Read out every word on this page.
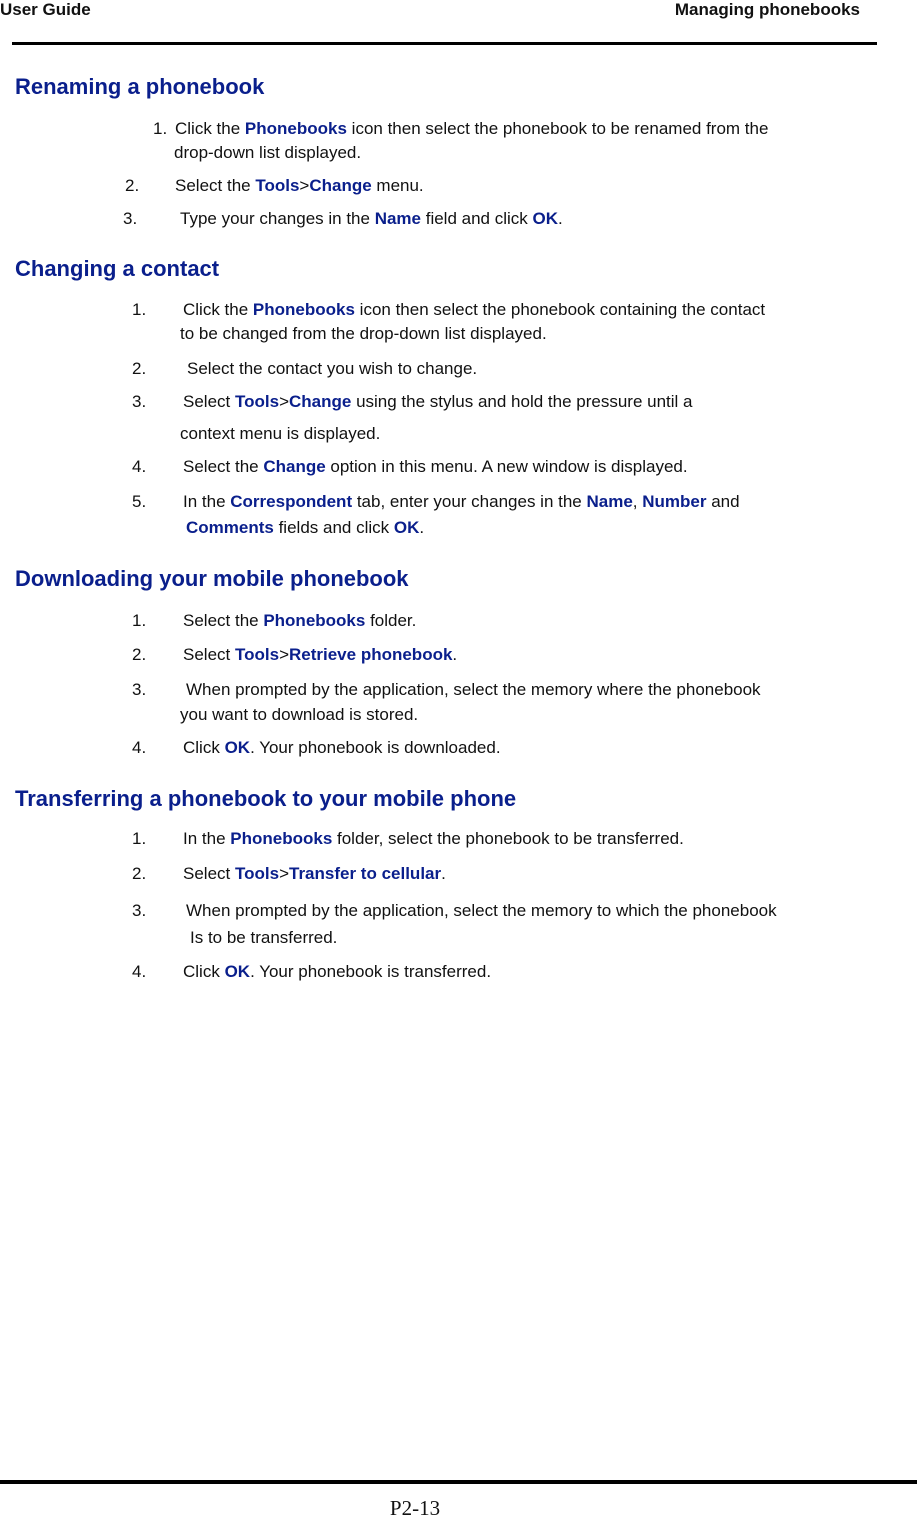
User Guide	Managing phonebooks
Renaming a phonebook
1. Click the Phonebooks icon then select the phonebook to be renamed from the
drop-down list displayed.
2. Select the Tools>Change menu.
3.	Type your changes in the Name field and click OK.
Changing a contact
1. Click the Phonebooks icon then select the phonebook containing the contact
to be changed from the drop-down list displayed.
2. Select the contact you wish to change.
3. Select Tools>Change using the stylus and hold the pressure until a
context menu is displayed.
4. Select the Change option in this menu. A new window is displayed.
5. In the Correspondent tab, enter your changes in the Name, Number and
Comments fields and click OK.
Downloading your mobile phonebook
1. Select the Phonebooks folder.
2. Select Tools>Retrieve phonebook.
3. When prompted by the application, select the memory where the phonebook
you want to download is stored.
4. Click OK. Your phonebook is downloaded.
Transferring a phonebook to your mobile phone
1. In the Phonebooks folder, select the phonebook to be transferred.
2. Select Tools>Transfer to cellular.
3. When prompted by the application, select the memory to which the phonebook
Is to be transferred.
4. Click OK. Your phonebook is transferred.
P2-13
